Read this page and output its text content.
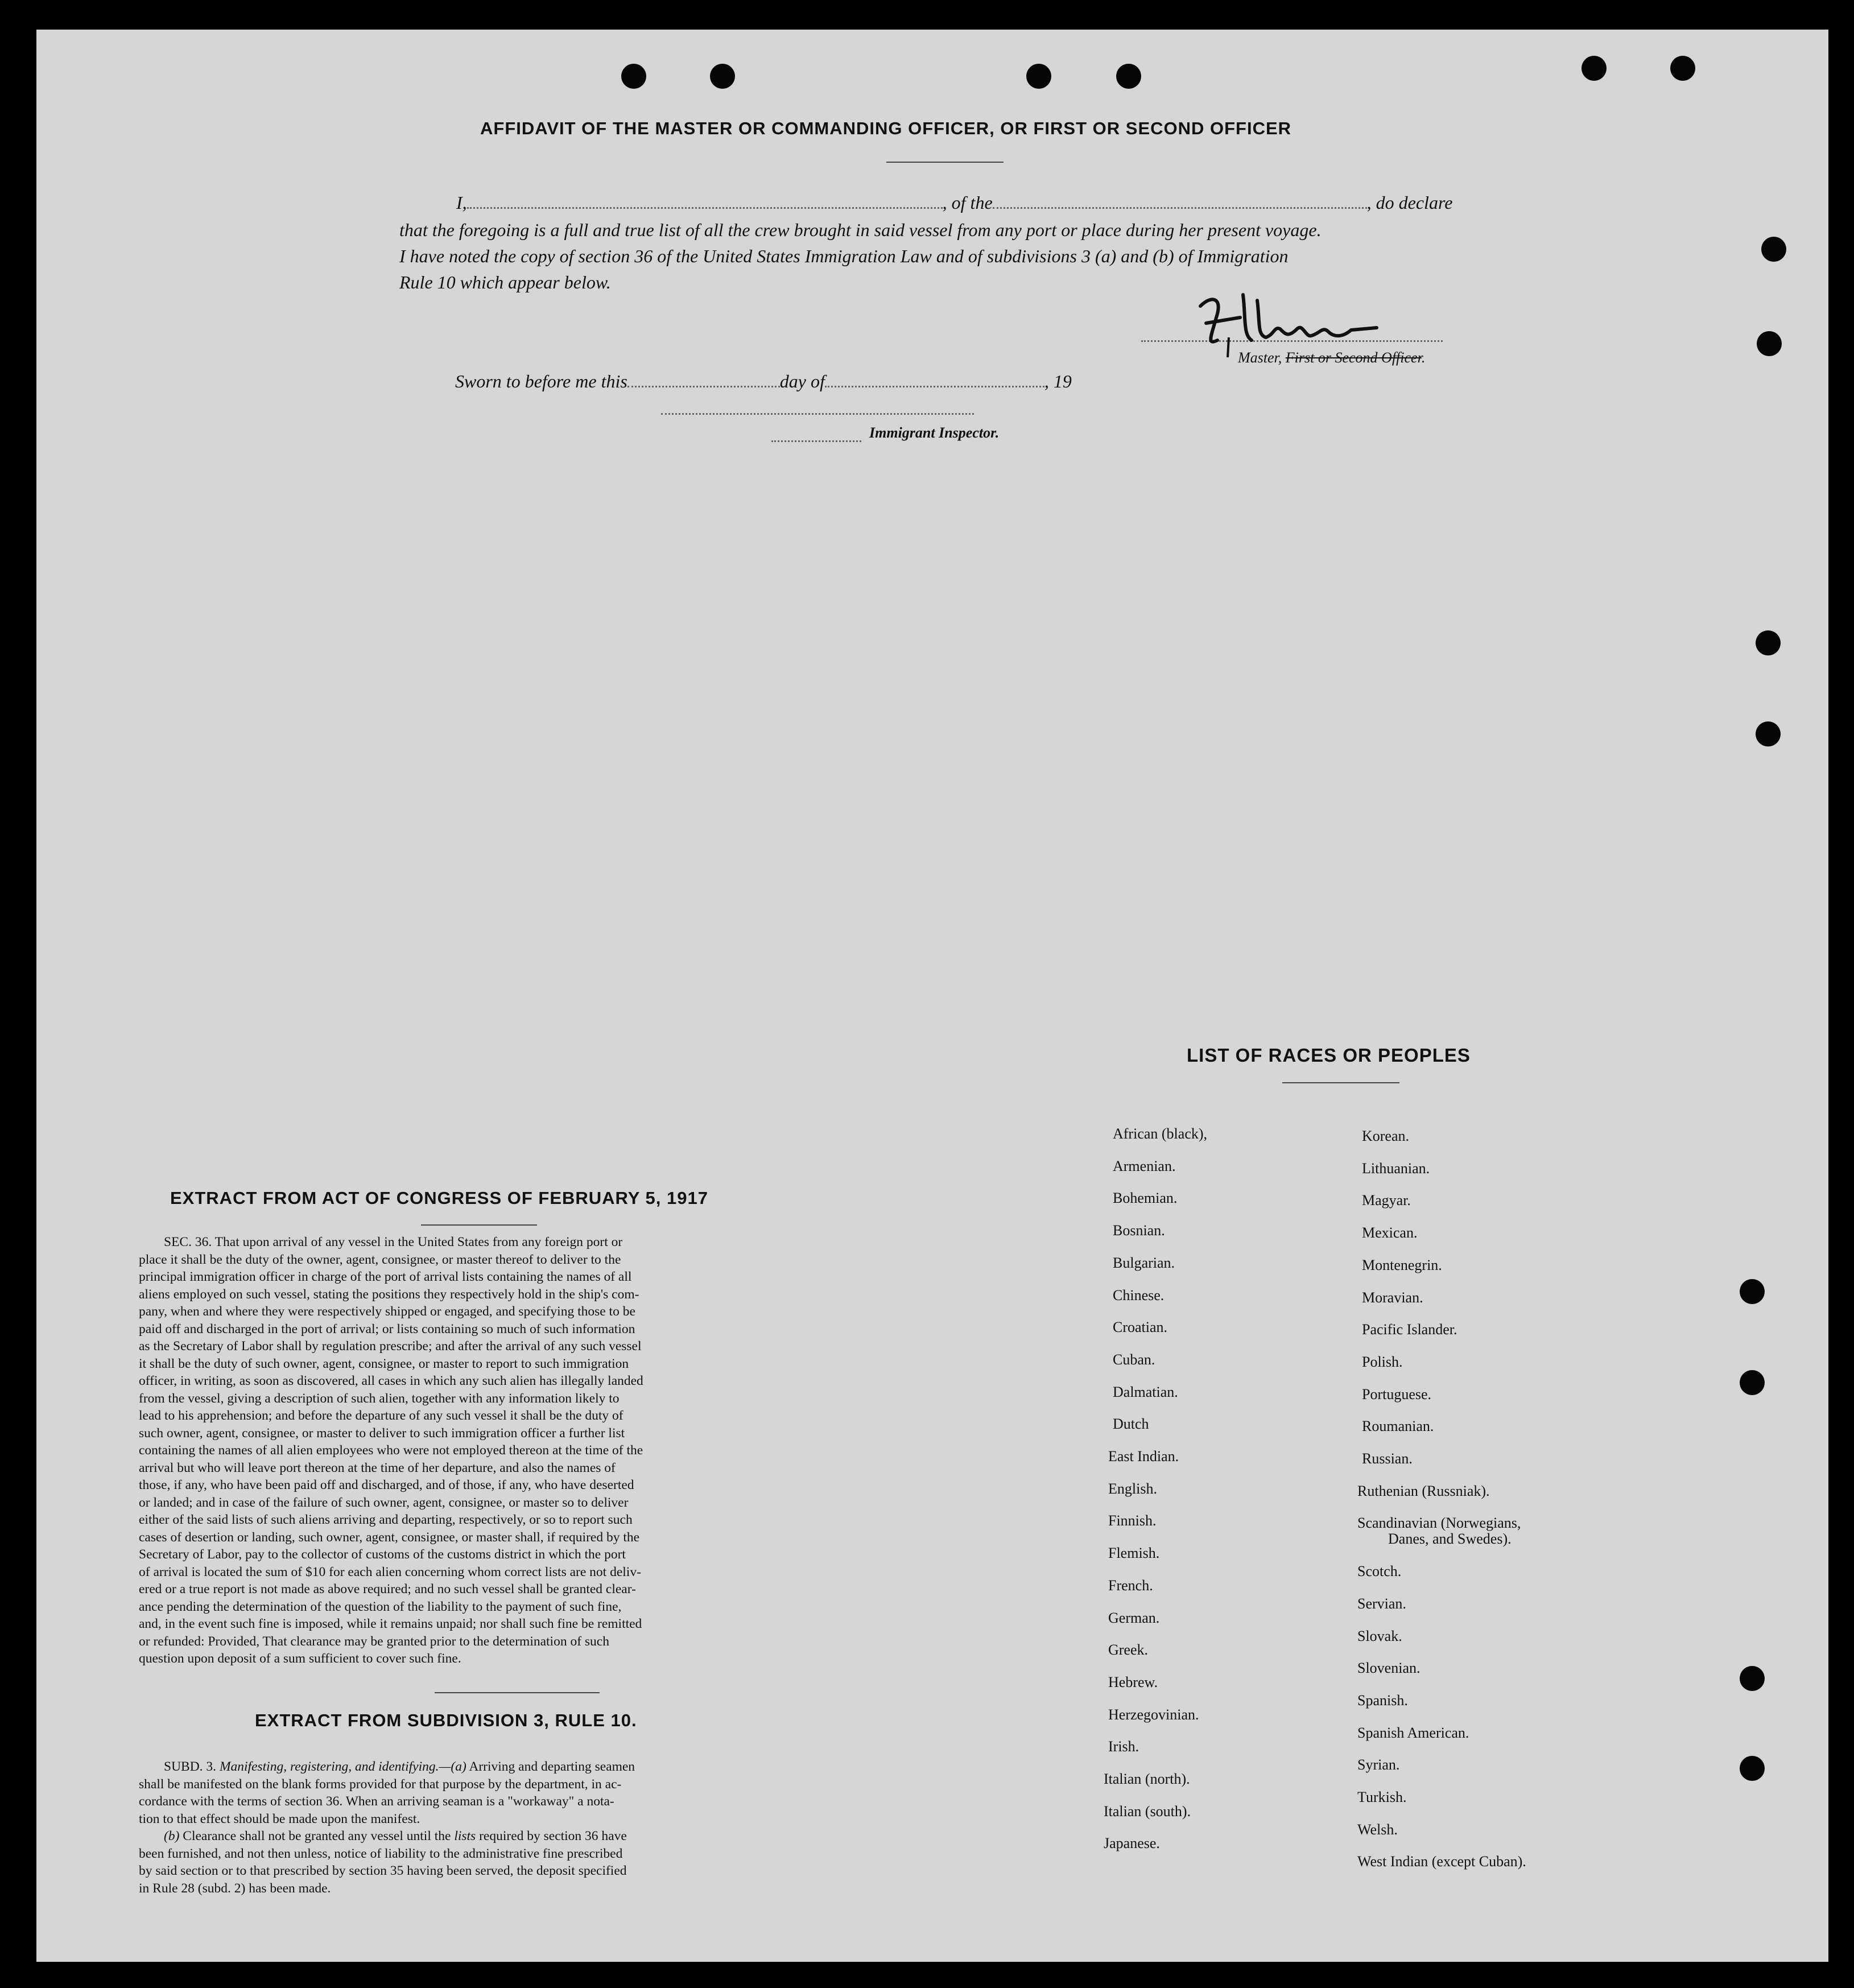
AFFIDAVIT OF THE MASTER OR COMMANDING OFFICER, OR FIRST OR SECOND OFFICER
I,	, of the	, do declare
that the foregoing is a full and true list of all the crew brought in said vessel from any port or place during her present voyage.
I have noted the copy of section 36 of the United States Immigration Law and of subdivisions 3 (a) and (b) of Immigration
Rule 10 which appear below.
Master, First or Second Officer.
Sworn to before me this	day of	, 19
Immigrant Inspector.
LIST OF RACES OR PEOPLES
EXTRACT FROM ACT OF CONGRESS OF FEBRUARY 5, 1917

SEC. 36. That upon arrival of any vessel in the United States from any foreign port or

place it shall be the duty of the owner, agent, consignee, or master thereof to deliver to the

principal immigration officer in charge of the port of arrival lists containing the names of all

aliens employed on such vessel, stating the positions they respectively hold in the ship's com-

pany, when and where they were respectively shipped or engaged, and specifying those to be

paid off and discharged in the port of arrival; or lists containing so much of such information

as the Secretary of Labor shall by regulation prescribe; and after the arrival of any such vessel

it shall be the duty of such owner, agent, consignee, or master to report to such immigration

officer, in writing, as soon as discovered, all cases in which any such alien has illegally landed

from the vessel, giving a description of such alien, together with any information likely to

lead to his apprehension; and before the departure of any such vessel it shall be the duty of

such owner, agent, consignee, or master to deliver to such immigration officer a further list

containing the names of all alien employees who were not employed thereon at the time of the

arrival but who will leave port thereon at the time of her departure, and also the names of

those, if any, who have been paid off and discharged, and of those, if any, who have deserted

or landed; and in case of the failure of such owner, agent, consignee, or master so to deliver

either of the said lists of such aliens arriving and departing, respectively, or so to report such

cases of desertion or landing, such owner, agent, consignee, or master shall, if required by the

Secretary of Labor, pay to the collector of customs of the customs district in which the port

of arrival is located the sum of $10 for each alien concerning whom correct lists are not deliv-

ered or a true report is not made as above required; and no such vessel shall be granted clear-

ance pending the determination of the question of the liability to the payment of such fine,

and, in the event such fine is imposed, while it remains unpaid; nor shall such fine be remitted

or refunded: Provided, That clearance may be granted prior to the determination of such

question upon deposit of a sum sufficient to cover such fine.

EXTRACT FROM SUBDIVISION 3, RULE 10.

SUBD. 3. Manifesting, registering, and identifying.—(a) Arriving and departing seamen

shall be manifested on the blank forms provided for that purpose by the department, in ac-

cordance with the terms of section 36. When an arriving seaman is a "workaway" a nota-

tion to that effect should be made upon the manifest.

(b) Clearance shall not be granted any vessel until the lists required by section 36 have

been furnished, and not then unless, notice of liability to the administrative fine prescribed

by said section or to that prescribed by section 35 having been served, the deposit specified

in Rule 28 (subd. 2) has been made.

African (black),
Armenian.
Bohemian.
Bosnian.
Bulgarian.
Chinese.
Croatian.
Cuban.
Dalmatian.
Dutch
East Indian.
English.
Finnish.
Flemish.
French.
German.
Greek.
Hebrew.
Herzegovinian.
Irish.
Italian (north).
Italian (south).
Japanese.
Korean.
Lithuanian.
Magyar.
Mexican.
Montenegrin.
Moravian.
Pacific Islander.
Polish.
Portuguese.
Roumanian.
Russian.
Ruthenian (Russniak).
Scandinavian (Norwegians,
Danes, and Swedes).
Scotch.
Servian.
Slovak.
Slovenian.
Spanish.
Spanish American.
Syrian.
Turkish.
Welsh.
West Indian (except Cuban).
